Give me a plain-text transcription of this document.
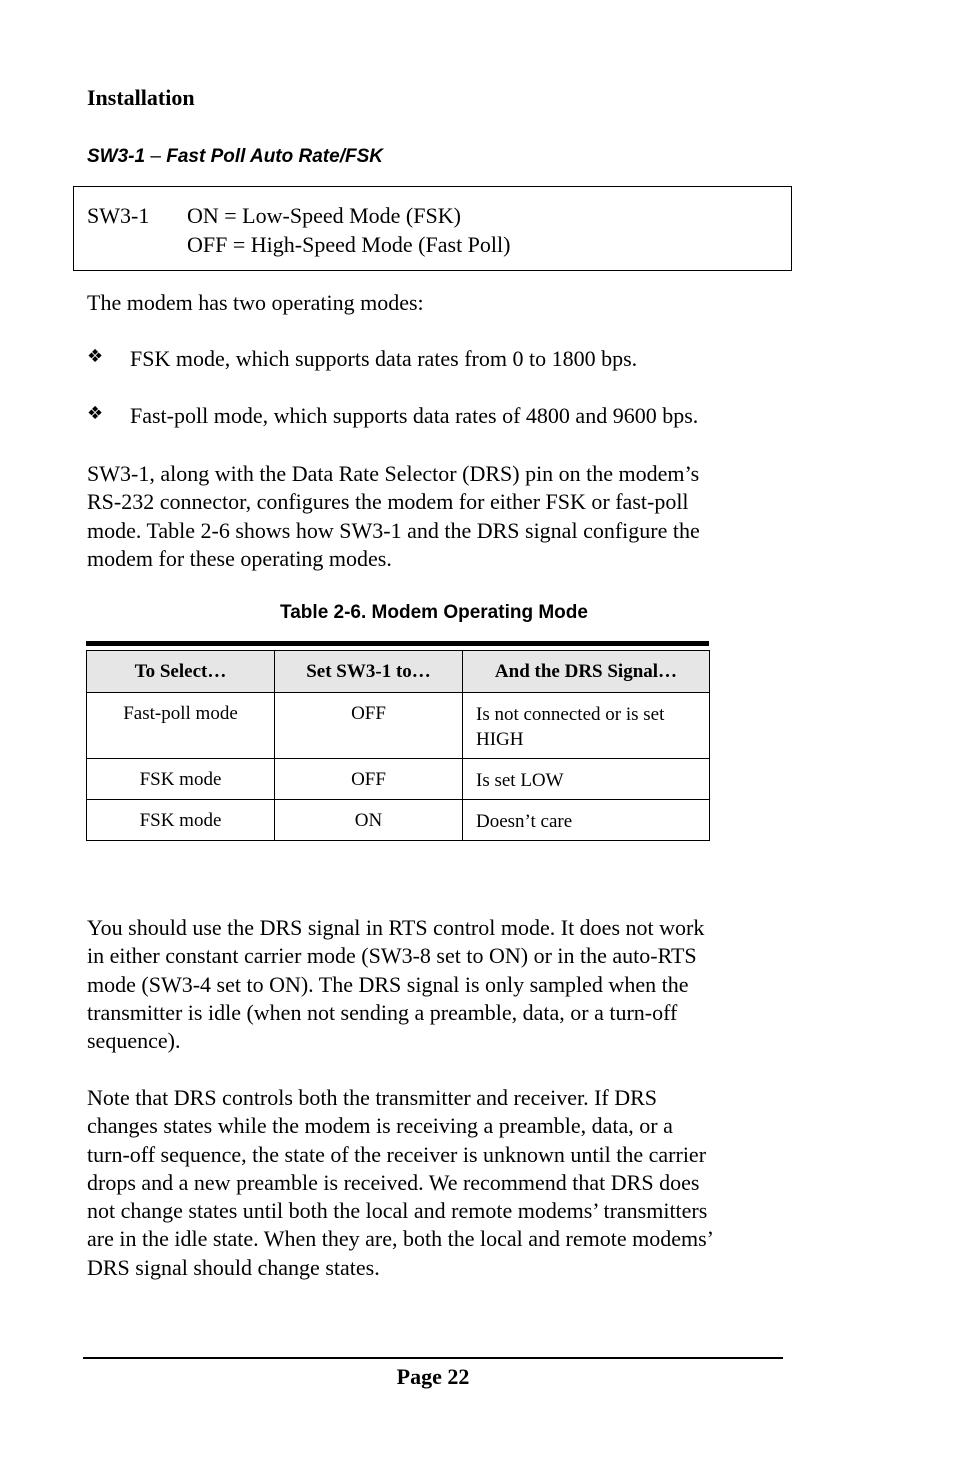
Installation
SW3-1 – Fast Poll Auto Rate/FSK
SW3-1 ON = Low-Speed Mode (FSK)
OFF = High-Speed Mode (Fast Poll)
The modem has two operating modes:
❖ FSK mode, which supports data rates from 0 to 1800 bps.
❖ Fast-poll mode, which supports data rates of 4800 and 9600 bps.
SW3-1, along with the Data Rate Selector (DRS) pin on the modem’s
RS-232 connector, configures the modem for either FSK or fast-poll
mode. Table 2-6 shows how SW3-1 and the DRS signal configure the
modem for these operating modes.
Table 2-6. Modem Operating Mode
To Select…	Set SW3-1 to…	And the DRS Signal…
Fast-poll mode	OFF	Is not connected or is set HIGH
FSK mode	OFF	Is set LOW
FSK mode	ON	Doesn’t care
You should use the DRS signal in RTS control mode. It does not work
in either constant carrier mode (SW3-8 set to ON) or in the auto-RTS
mode (SW3-4 set to ON). The DRS signal is only sampled when the
transmitter is idle (when not sending a preamble, data, or a turn-off
sequence).
Note that DRS controls both the transmitter and receiver. If DRS
changes states while the modem is receiving a preamble, data, or a
turn-off sequence, the state of the receiver is unknown until the carrier
drops and a new preamble is received. We recommend that DRS does
not change states until both the local and remote modems’ transmitters
are in the idle state. When they are, both the local and remote modems’
DRS signal should change states.
Page 22
